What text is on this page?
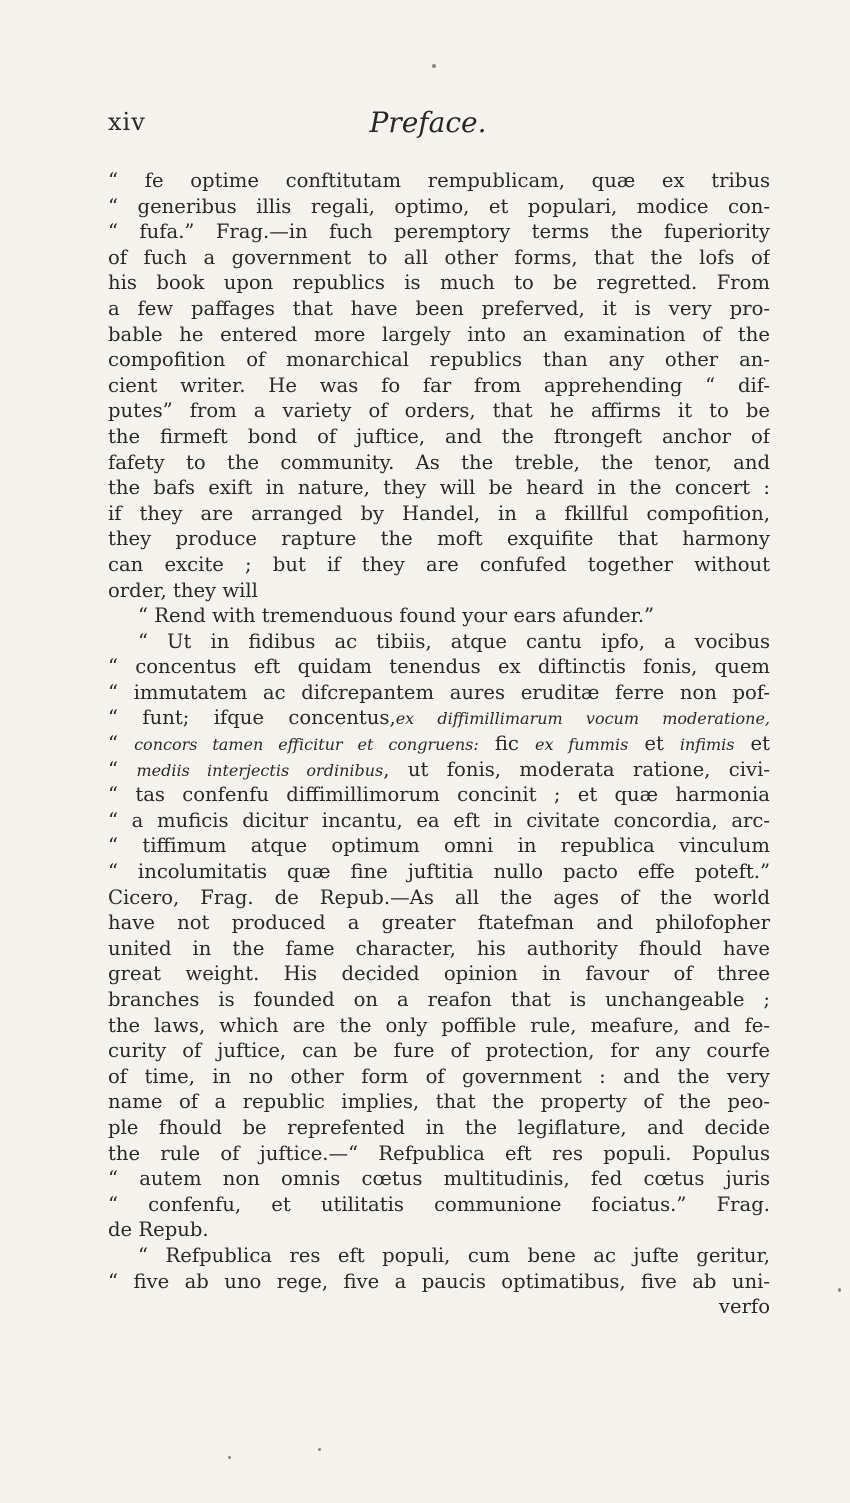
xiv	Preface.
“ fe optime conftitutam rempublicam, quæ ex tribus
“ generibus illis regali, optimo, et populari, modice con-
“ fufa.” Frag.—in fuch peremptory terms the fuperiority
of fuch a government to all other forms, that the lofs of
his book upon republics is much to be regretted. From
a few paffages that have been preferved, it is very pro-
bable he entered more largely into an examination of the
compofition of monarchical republics than any other an-
cient writer. He was fo far from apprehending “ dif-
putes” from a variety of orders, that he affirms it to be
the firmeft bond of juftice, and the ftrongeft anchor of
fafety to the community. As the treble, the tenor, and
the bafs exift in nature, they will be heard in the concert :
if they are arranged by Handel, in a fkillful compofition,
they produce rapture the moft exquifite that harmony
can excite ; but if they are confufed together without
order, they will
“ Rend with tremenduous found your ears afunder.”
“ Ut in fidibus ac tibiis, atque cantu ipfo, a vocibus
“ concentus eft quidam tenendus ex diftinctis fonis, quem
“ immutatem ac difcrepantem aures eruditæ ferre non pof-
“ funt; ifque concentus,ex diffimillimarum vocum moderatione,
“ concors tamen efficitur et congruens: fic ex fummis et infimis et
“ mediis interjectis ordinibus, ut fonis, moderata ratione, civi-
“ tas confenfu diffimillimorum concinit ; et quæ harmonia
“ a muficis dicitur incantu, ea eft in civitate concordia, arc-
“ tiffimum atque optimum omni in republica vinculum
“ incolumitatis quæ fine juftitia nullo pacto effe poteft.”
Cicero, Frag. de Repub.—As all the ages of the world
have not produced a greater ftatefman and philofopher
united in the fame character, his authority fhould have
great weight. His decided opinion in favour of three
branches is founded on a reafon that is unchangeable ;
the laws, which are the only poffible rule, meafure, and fe-
curity of juftice, can be fure of protection, for any courfe
of time, in no other form of government : and the very
name of a republic implies, that the property of the peo-
ple fhould be reprefented in the legiflature, and decide
the rule of juftice.—“ Refpublica eft res populi. Populus
“ autem non omnis cœtus multitudinis, fed cœtus juris
“ confenfu, et utilitatis communione fociatus.” Frag.
de Repub.
“ Refpublica res eft populi, cum bene ac jufte geritur,
“ five ab uno rege, five a paucis optimatibus, five ab uni-
verfo
